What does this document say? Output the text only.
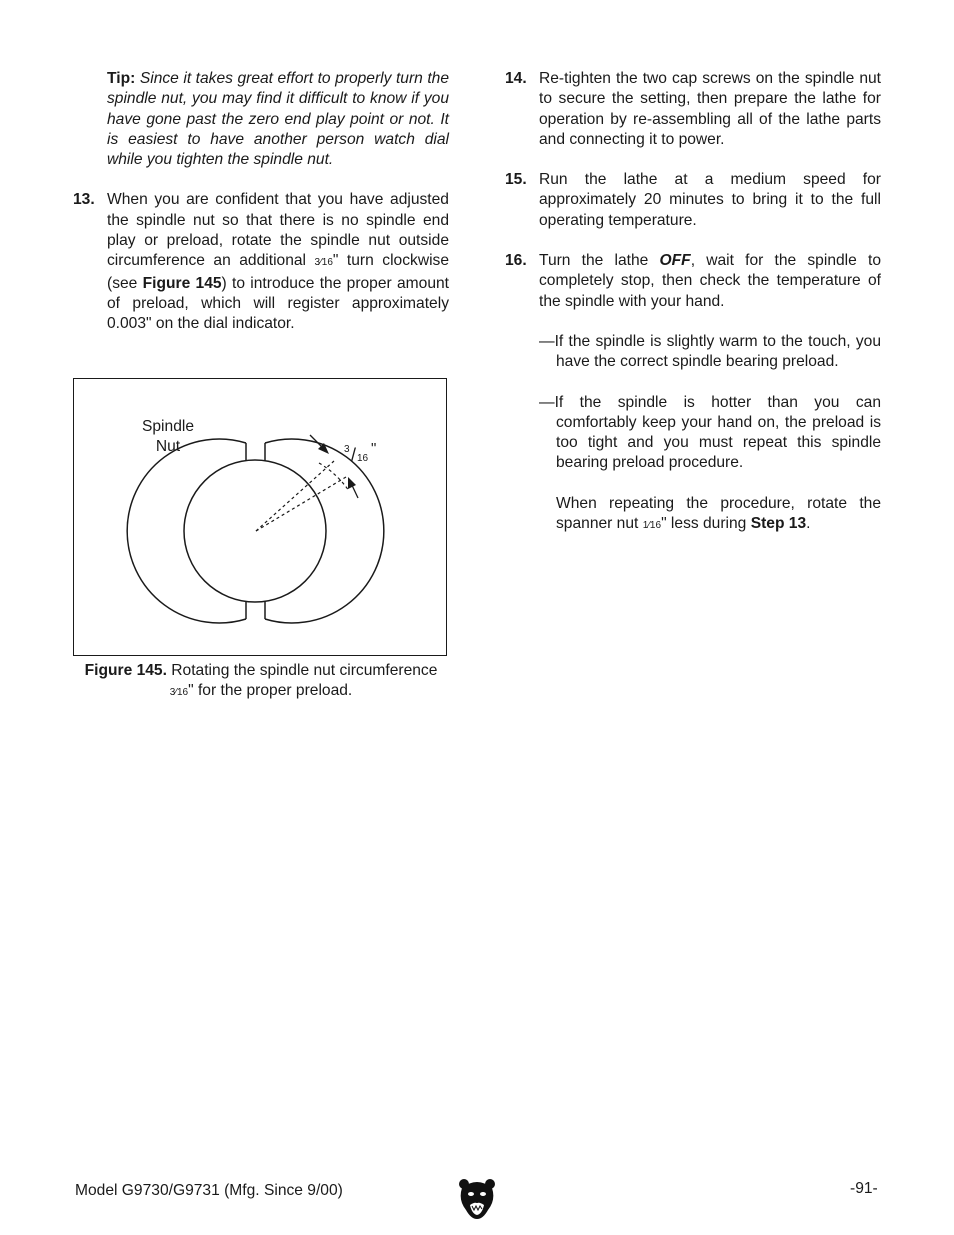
Tip: Since it takes great effort to properly turn the spindle nut, you may find it difficult to know if you have gone past the zero end play point or not. It is easiest to have another person watch dial while you tighten the spindle nut.

13. When you are confident that you have adjusted the spindle nut so that there is no spindle end play or preload, rotate the spindle nut outside circumference an additional 3⁄16" turn clockwise (see Figure 145) to introduce the proper amount of preload, which will register approximately 0.003" on the dial indicator.

3 / 16
"
Spindle
Nut
Figure 145. Rotating the spindle nut circumference 3⁄16" for the proper preload.

14. Re-tighten the two cap screws on the spindle nut to secure the setting, then prepare the lathe for operation by re-assembling all of the lathe parts and connecting it to power.

15. Run the lathe at a medium speed for approximately 20 minutes to bring it to the full operating temperature.

16. Turn the lathe OFF, wait for the spindle to completely stop, then check the temperature of the spindle with your hand.

—If the spindle is slightly warm to the touch, you have the correct spindle bearing preload.

—If the spindle is hotter than you can comfortably keep your hand on, the preload is too tight and you must repeat this spindle bearing preload procedure.

When repeating the procedure, rotate the spanner nut 1⁄16" less during Step 13.

Model G9730/G9731 (Mfg. Since 9/00)	-91-
